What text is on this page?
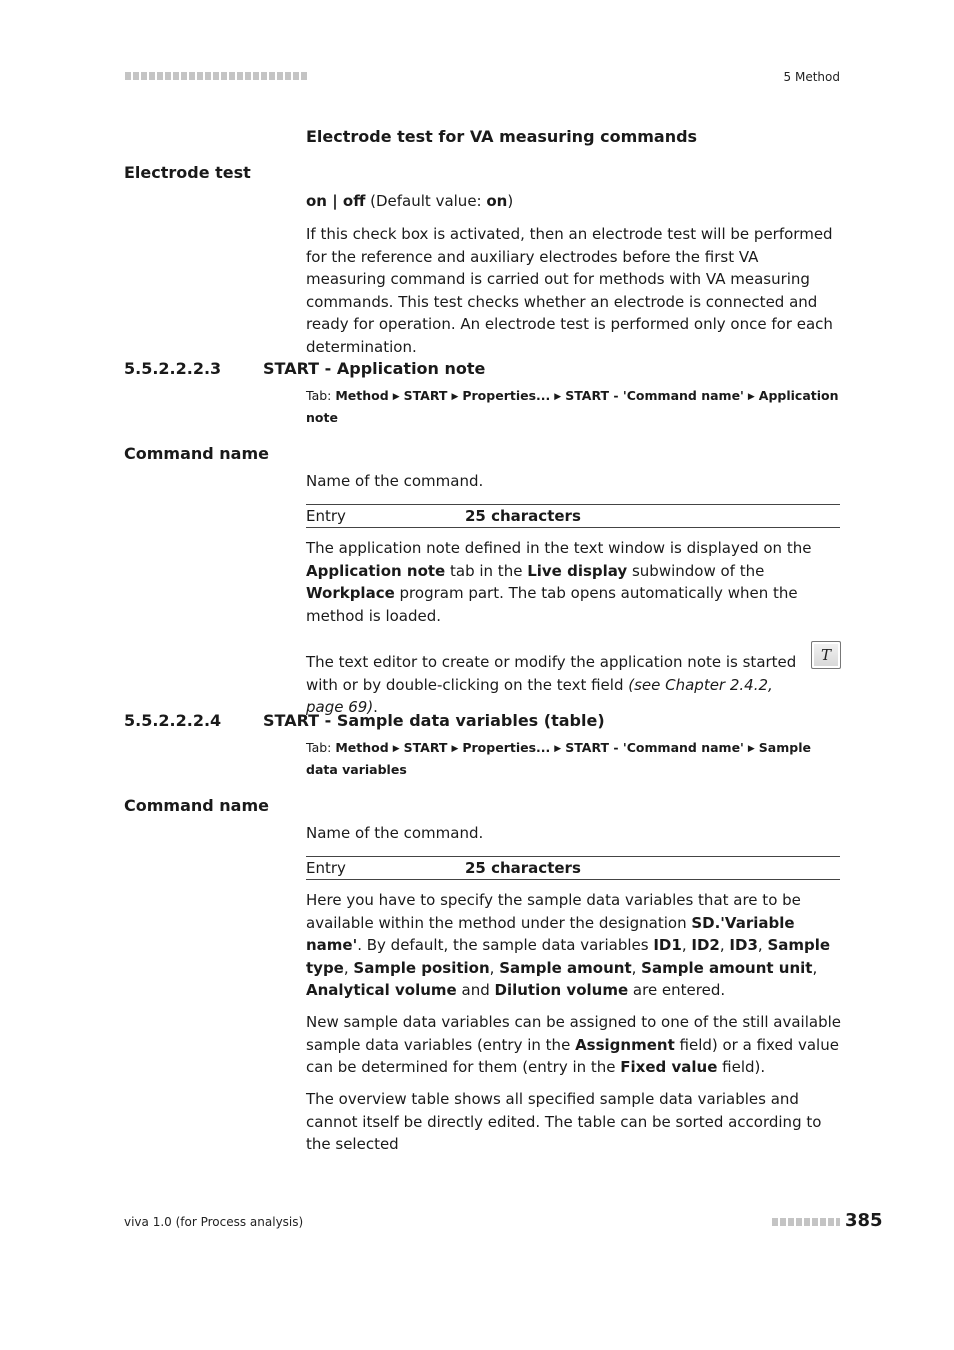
5 Method
Electrode test for VA measuring commands
Electrode test
on | off (Default value: on)

If this check box is activated, then an electrode test will be performed for the reference and auxiliary electrodes before the first VA measuring command is carried out for methods with VA measuring commands. This test checks whether an electrode is connected and ready for operation. An electrode test is performed only once for each determination.

5.5.2.2.2.3	START - Application note
Tab: Method ▶ START ▶ Properties... ▶ START - 'Command name' ▶ Application note
Command name
Name of the command.
Entry	25 characters

The application note defined in the text window is displayed on the Application note tab in the Live display subwindow of the Workplace program part. The tab opens automatically when the method is loaded.

The text editor to create or modify the application note is started with or by double-clicking on the text field (see Chapter 2.4.2, page 69).

T
5.5.2.2.2.4	START - Sample data variables (table)
Tab: Method ▶ START ▶ Properties... ▶ START - 'Command name' ▶ Sample data variables
Command name
Name of the command.
Entry	25 characters

Here you have to specify the sample data variables that are to be available within the method under the designation SD.'Variable name'. By default, the sample data variables ID1, ID2, ID3, Sample type, Sample position, Sample amount, Sample amount unit, Analytical volume and Dilution volume are entered.

New sample data variables can be assigned to one of the still available sample data variables (entry in the Assignment field) or a fixed value can be determined for them (entry in the Fixed value field).

The overview table shows all specified sample data variables and cannot itself be directly edited. The table can be sorted according to the selected

viva 1.0 (for Process analysis)	385
